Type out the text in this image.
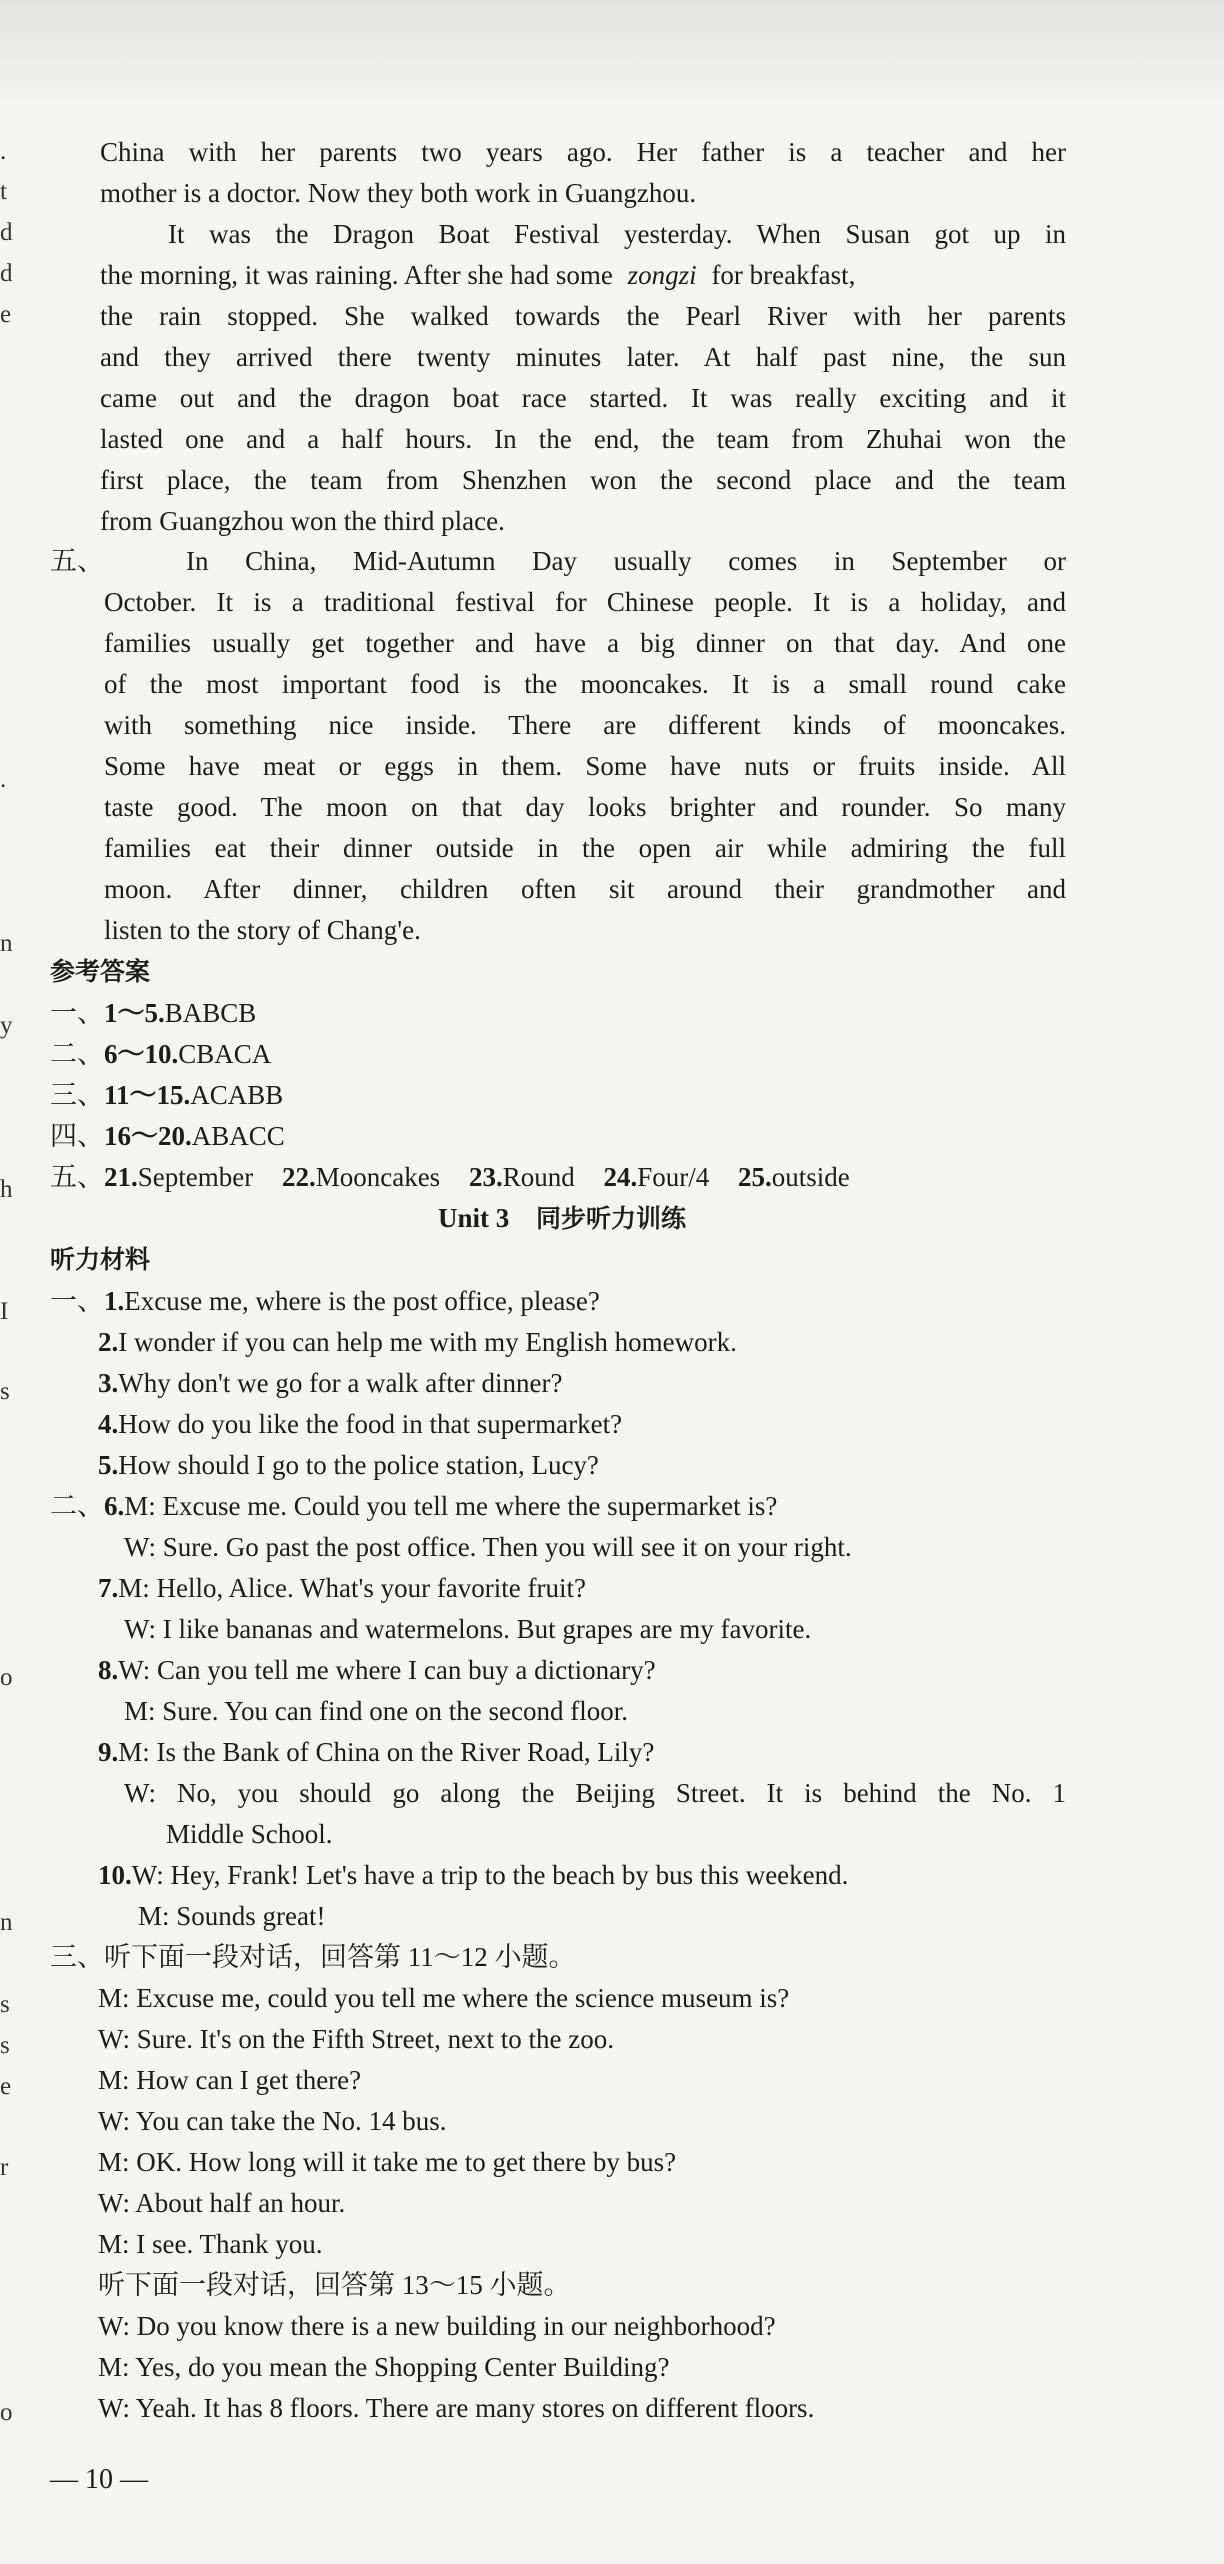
.
t
d
d
e
.
n
y
h
I
s
o
n
s
s
e
r
o
China with her parents two years ago. Her father is a teacher and her
mother is a doctor. Now they both work in Guangzhou.
It was the Dragon Boat Festival yesterday. When Susan got up in
the morning, it was raining. After she had some zongzi for breakfast,
the rain stopped. She walked towards the Pearl River with her parents
and they arrived there twenty minutes later. At half past nine, the sun
came out and the dragon boat race started. It was really exciting and it
lasted one and a half hours. In the end, the team from Zhuhai won the
first place, the team from Shenzhen won the second place and the team
from Guangzhou won the third place.
五、	In China, Mid-Autumn Day usually comes in September or
October. It is a traditional festival for Chinese people. It is a holiday, and
families usually get together and have a big dinner on that day. And one
of the most important food is the mooncakes. It is a small round cake
with something nice inside. There are different kinds of mooncakes.
Some have meat or eggs in them. Some have nuts or fruits inside. All
taste good. The moon on that day looks brighter and rounder. So many
families eat their dinner outside in the open air while admiring the full
moon. After dinner, children often sit around their grandmother and
listen to the story of Chang'e.
参考答案
一、1～5.BABCB
二、6～10.CBACA
三、11～15.ACABB
四、16～20.ABACC
五、21.September 22.Mooncakes 23.Round 24.Four/4 25.outside
Unit 3 同步听力训练
听力材料
一、1.Excuse me, where is the post office, please?
2.I wonder if you can help me with my English homework.
3.Why don't we go for a walk after dinner?
4.How do you like the food in that supermarket?
5.How should I go to the police station, Lucy?
二、6.M: Excuse me. Could you tell me where the supermarket is?
W: Sure. Go past the post office. Then you will see it on your right.
7.M: Hello, Alice. What's your favorite fruit?
W: I like bananas and watermelons. But grapes are my favorite.
8.W: Can you tell me where I can buy a dictionary?
M: Sure. You can find one on the second floor.
9.M: Is the Bank of China on the River Road, Lily?
W: No, you should go along the Beijing Street. It is behind the No. 1
Middle School.
10.W: Hey, Frank! Let's have a trip to the beach by bus this weekend.
M: Sounds great!
三、听下面一段对话，回答第 11～12 小题。
M: Excuse me, could you tell me where the science museum is?
W: Sure. It's on the Fifth Street, next to the zoo.
M: How can I get there?
W: You can take the No. 14 bus.
M: OK. How long will it take me to get there by bus?
W: About half an hour.
M: I see. Thank you.
听下面一段对话，回答第 13～15 小题。
W: Do you know there is a new building in our neighborhood?
M: Yes, do you mean the Shopping Center Building?
W: Yeah. It has 8 floors. There are many stores on different floors.
— 10 —
